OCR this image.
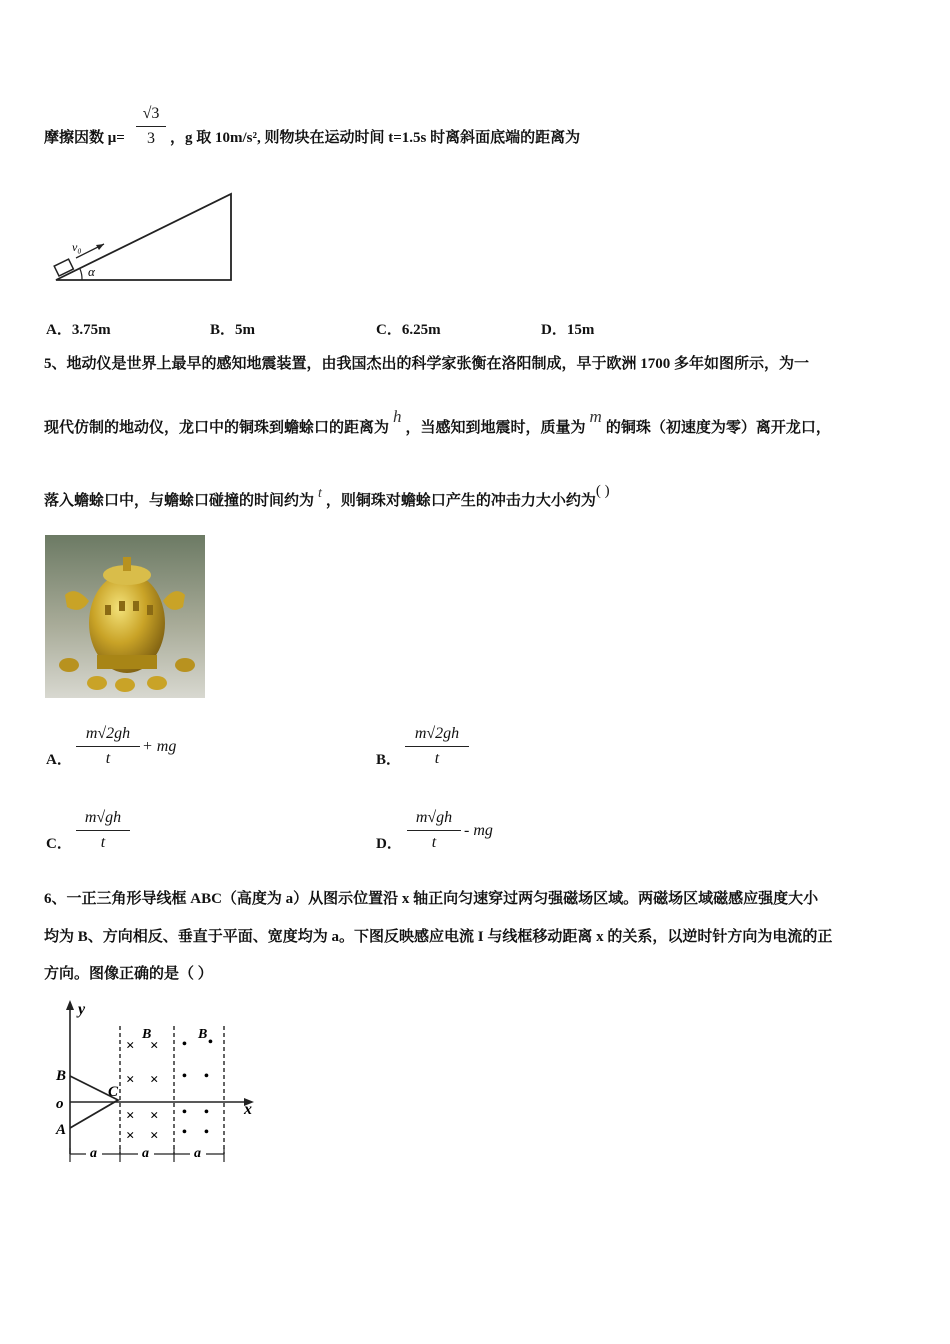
摩擦因数 μ=
√3
3	，g 取 10m/s², 则物块在运动时间 t=1.5s 时离斜面底端的距离为
v₀
α
A．3.75m	B．5m	C．6.25m	D．15m
5、地动仪是世界上最早的感知地震装置，由我国杰出的科学家张衡在洛阳制成，早于欧洲 1700 多年如图所示，为一
现代仿制的地动仪，龙口中的铜珠到蟾蜍口的距离为h，当感知到地震时，质量为m的铜珠（初速度为零）离开龙口，
落入蟾蜍口中，与蟾蜍口碰撞的时间约为 t ，则铜珠对蟾蜍口产生的冲击力大小约为( )
A．
m√2gh
t
+ mg
B．
m√2gh
t
C．
m√gh
t	D．
m√gh
t
- mg
6、一正三角形导线框 ABC（高度为 a）从图示位置沿 x 轴正向匀速穿过两匀强磁场区域。两磁场区域磁感应强度大小
均为 B、方向相反、垂直于平面、宽度均为 a。下图反映感应电流 I 与线框移动距离 x 的关系，以逆时针方向为电流的正
方向。图像正确的是（ ）
y
x
o
B
A
C
B
× ×
× ×
× ×
× ×
B
• •
• •
• •
• •
a	a	a
